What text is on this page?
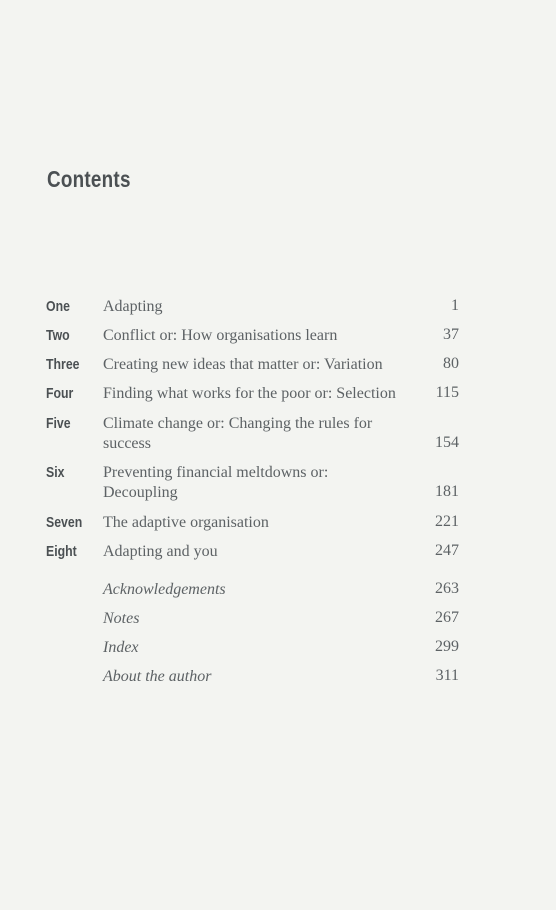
Contents
One Adapting	1
Two Conflict or: How organisations learn	37
Three Creating new ideas that matter or: Variation	80
Four Finding what works for the poor or: Selection	115
Five Climate change or: Changing the rules for success	154
Six Preventing financial meltdowns or: Decoupling	181
Seven The adaptive organisation	221
Eight Adapting and you	247
Acknowledgements	263
Notes	267
Index	299
About the author	311
